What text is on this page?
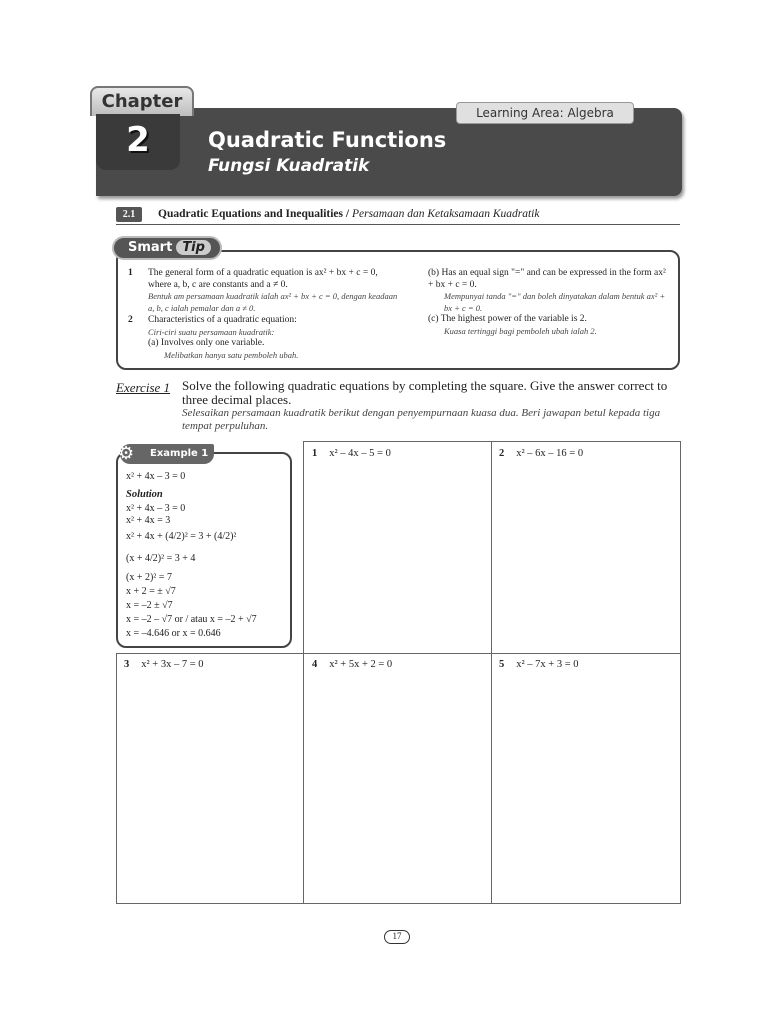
Chapter
2
Learning Area: Algebra
Quadratic Functions
Fungsi Kuadratik
2.1	Quadratic Equations and Inequalities / Persamaan dan Ketaksamaan Kuadratik
Smart Tip
1 The general form of a quadratic equation is ax² + bx + c = 0, where a, b, c are constants and a ≠ 0.
Bentuk am persamaan kuadratik ialah ax² + bx + c = 0, dengan keadaan a, b, c ialah pemalar dan a ≠ 0.
2 Characteristics of a quadratic equation:
Ciri-ciri suatu persamaan kuadratik:
(a) Involves only one variable.
Melibatkan hanya satu pemboleh ubah.
(b) Has an equal sign "=" and can be expressed in the form ax² + bx + c = 0.
Mempunyai tanda "=" dan boleh dinyatakan dalam bentuk ax² + bx + c = 0.
(c) The highest power of the variable is 2.
Kuasa tertinggi bagi pemboleh ubah ialah 2.
Exercise 1 Solve the following quadratic equations by completing the square. Give the answer correct to three decimal places.
Selesaikan persamaan kuadratik berikut dengan penyempurnaan kuasa dua. Beri jawapan betul kepada tiga tempat perpuluhan.
1 x² – 4x – 5 = 0	2 x² – 6x – 16 = 0
3 x² + 3x – 7 = 0	4 x² + 5x + 2 = 0	5 x² – 7x + 3 = 0
Example 1
⚙
x² + 4x – 3 = 0
Solution
x² + 4x – 3 = 0
x² + 4x = 3
x² + 4x + (4/2)² = 3 + (4/2)²
(x + 4/2)² = 3 + 4
(x + 2)² = 7
x + 2 = ± √7
x = –2 ± √7
x = –2 – √7 or / atau x = –2 + √7
x = –4.646 or x = 0.646
17
